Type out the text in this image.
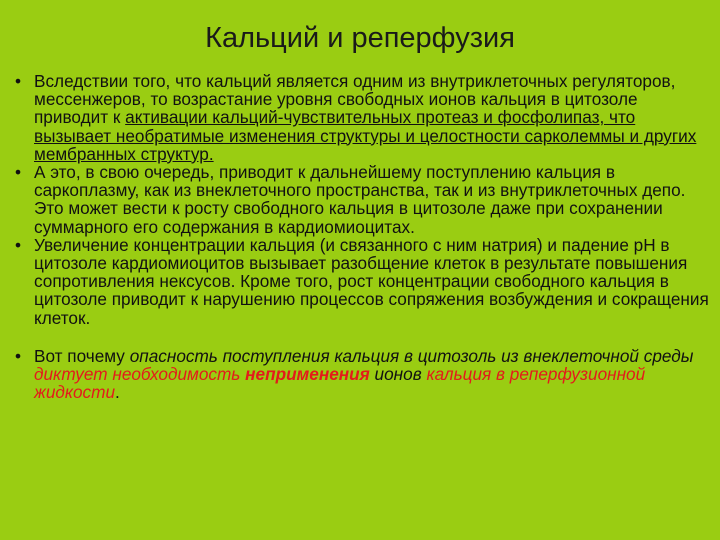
Кальций и реперфузия
• Вследствии того, что кальций является одним из внутриклеточных регуляторов, мессенжеров, то возрастание уровня свободных ионов кальция в цитозоле приводит к активации кальций-чувствительных протеаз и фосфолипаз, что вызывает необратимые изменения структуры и целостности сарколеммы и других мембранных структур.
• А это, в свою очередь, приводит к дальнейшему поступлению кальция в саркоплазму, как из внеклеточного пространства, так и из внутриклеточных депо. Это может вести к росту свободного кальция в цитозоле даже при сохранении суммарного его содержания в кардиомиоцитах.
• Увеличение концентрации кальция (и связанного с ним натрия) и падение pH в цитозоле кардиомиоцитов вызывает разобщение клеток в результате повышения сопротивления нексусов. Кроме того, рост концентрации свободного кальция в цитозоле приводит к нарушению процессов сопряжения возбуждения и сокращения клеток.
• Вот почему опасность поступления кальция в цитозоль из внеклеточной среды диктует необходимость неприменения ионов кальция в реперфузионной жидкости.
